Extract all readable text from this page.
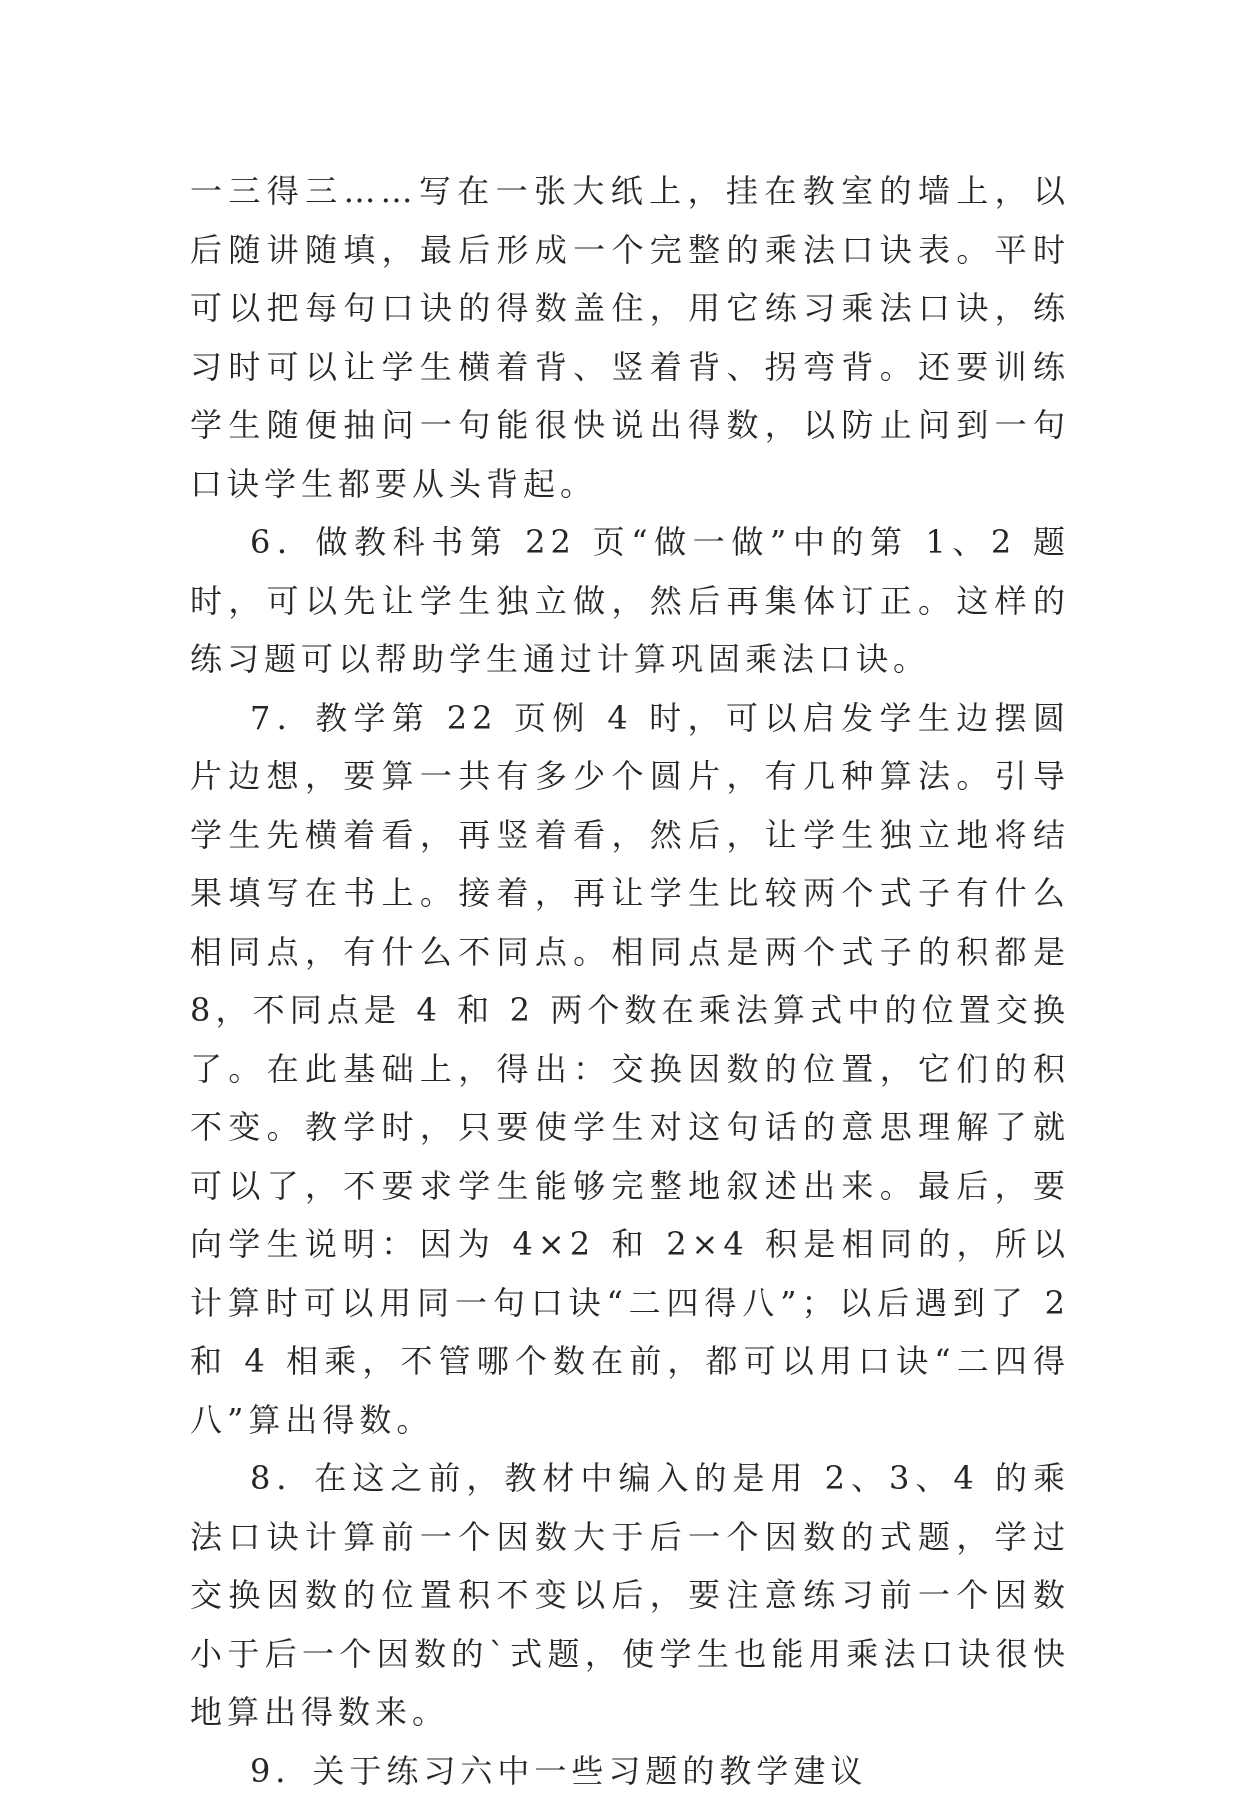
一三得三……写在一张大纸上，挂在教室的墙上，以后随讲随填，最后形成一个完整的乘法口诀表。平时可以把每句口诀的得数盖住，用它练习乘法口诀，练习时可以让学生横着背、竖着背、拐弯背。还要训练学生随便抽问一句能很快说出得数，以防止问到一句口诀学生都要从头背起。

6．做教科书第 22 页“做一做”中的第 1、2 题时，可以先让学生独立做，然后再集体订正。这样的练习题可以帮助学生通过计算巩固乘法口诀。

7．教学第 22 页例 4 时，可以启发学生边摆圆片边想，要算一共有多少个圆片，有几种算法。引导学生先横着看，再竖着看，然后，让学生独立地将结果填写在书上。接着，再让学生比较两个式子有什么相同点，有什么不同点。相同点是两个式子的积都是 8，不同点是 4 和 2 两个数在乘法算式中的位置交换了。在此基础上，得出：交换因数的位置，它们的积不变。教学时，只要使学生对这句话的意思理解了就可以了，不要求学生能够完整地叙述出来。最后，要向学生说明：因为 4×2 和 2×4 积是相同的，所以计算时可以用同一句口诀“二四得八”；以后遇到了 2 和 4 相乘，不管哪个数在前，都可以用口诀“二四得八”算出得数。

8．在这之前，教材中编入的是用 2、3、4 的乘法口诀计算前一个因数大于后一个因数的式题，学过交换因数的位置积不变以后，要注意练习前一个因数小于后一个因数的`式题，使学生也能用乘法口诀很快地算出得数来。

9．关于练习六中一些习题的教学建议
